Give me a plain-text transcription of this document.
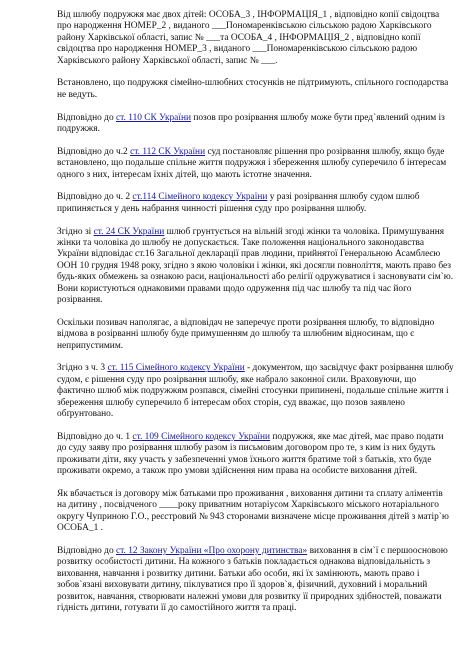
Від шлюбу подружжя має двох дітей: ОСОБА_3 , ІНФОРМАЦІЯ_1 , відповідно копії свідоцтва про народження НОМЕР_2 , виданого ___Пономаренківською сільською радою Харківського району Харківської області, запис № ___та ОСОБА_4 , ІНФОРМАЦІЯ_2 , відповідно копії свідоцтва про народження НОМЕР_3 , виданого ___Пономаренківською сільською радою Харківського району Харківської області, запис № ___.

Встановлено, що подружжя сімейно-шлюбних стосунків не підтримують, спільного господарства не ведуть.

Відповідно до ст. 110 СК України позов про розірвання шлюбу може бути пред`явлений одним із подружжя.

Відповідно до ч.2 ст. 112 СК України суд постановляє рішення про розірвання шлюбу, якщо буде встановлено, що подальше спільне життя подружжя і збереження шлюбу суперечило б інтересам одного з них, інтересам їхніх дітей, що мають істотне значення.

Відповідно до ч. 2 ст.114 Сімейного кодексу України у разі розірвання шлюбу судом шлюб припиняється у день набрання чинності рішення суду про розірвання шлюбу.

Згідно зі ст. 24 СК України шлюб грунтується на вільній згоді жінки та чоловіка. Примушування жінки та чоловіка до шлюбу не допускається. Таке положення національного законодавства України відповідає ст.16 Загальної декларації прав людини, прийнятої Генеральною Асамблеєю ООН 10 грудня 1948 року, згідно з якою чоловіки і жінки, які досягли повноліття, мають право без будь-яких обмежень за ознакою раси, національності або релігії одружуватися і засновувати сім`ю. Вони користуються однаковими правами щодо одруження під час шлюбу та під час його розірвання.

Оскільки позивач наполягає, а відповідач не заперечує проти розірвання шлюбу, то відповідно відмова в розірванні шлюбу буде примушенням до шлюбу та шлюбним відносинам, що є неприпустимим.

Згідно з ч. 3 ст. 115 Сімейного кодексу України - документом, що засвідчує факт розірвання шлюбу судом, є рішення суду про розірвання шлюбу, яке набрало законної сили. Враховуючи, що фактично шлюб між подружжям розпався, сімейні стосунки припинені, подальше спільне життя і збереження шлюбу суперечило б інтересам обох сторін, суд вважає, що позов заявлено обґрунтовано.

Відповідно до ч. 1 ст. 109 Сімейного кодексу України подружжя, яке має дітей, має право подати до суду заяву про розірвання шлюбу разом із письмовим договором про те, з ким із них будуть проживати діти, яку участь у забезпеченні умов їхнього життя братиме той з батьків, хто буде проживати окремо, а також про умови здійснення ним права на особисте виховання дітей.

Як вбачається із договору між батьками про проживання , виховання дитини та сплату аліментів на дитину , посвідченого ____року приватним нотаріусом Харківського міського нотаріального округу Чуприною Г.О., реєстровий № 943 сторонами визначене місце проживання дітей з матір`ю ОСОБА_1 .

Відповідно до ст. 12 Закону України «Про охорону дитинства» виховання в сім`ї є першоосновою розвитку особистості дитини. На кожного з батьків покладається однакова відповідальність з виховання, навчання і розвитку дитини. Батьки або особи, які їх замінюють, мають право і зобов`язані виховувати дитину, піклуватися про її здоров`я, фізичний, духовний і моральний розвиток, навчання, створювати належні умови для розвитку її природних здібностей, поважати гідність дитини, готувати її до самостійного життя та праці.
